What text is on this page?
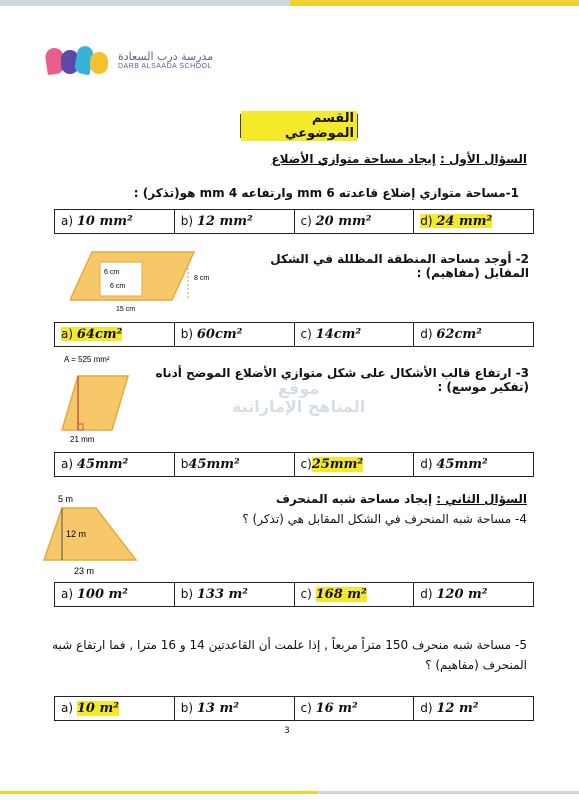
مدرسة درب السعادة
DARB ALSAADA SCHOOL
القسم الموضوعي
السؤال الأول : إيجاد مساحة متوازي الأضلاع
1-مساحة متوازي إضلاع قاعدته mm 6 وارتفاعه mm 4 هو(تذكر) :
a) 10 mm²	b) 12 mm²	c) 20 mm²	d) 24 mm²
6 cm
6 cm
8 cm
15 cm
2- أوجد مساحة المنطقة المظللة في الشكل المقابل (مفاهيم) :
a) 64cm²	b) 60cm²	c) 14cm²	d) 62cm²
A = 525 mm²
21 mm
3- ارتفاع قالب الأشكال على شكل متوازي الأضلاع الموضح أدناه (تفكير موسع) :
موقع
المناهج الإماراتية
a) 45mm²	b45mm²	c)25mm²	d) 45mm²
السؤال الثاني : إيجاد مساحة شبه المنحرف
4- مساحة شبه المنحرف في الشكل المقابل هي (تذكر) ؟
5 m
12 m
23 m
a) 100 m²	b) 133 m²	c) 168 m²	d) 120 m²
5- مساحة شبه منحرف 150 متراً مربعاً , إذا علمت أن القاعدتين 14 و 16 مترا , فما ارتفاع شبه
المنحرف (مفاهيم) ؟
a) 10 m²	b) 13 m²	c) 16 m²	d) 12 m²
3
